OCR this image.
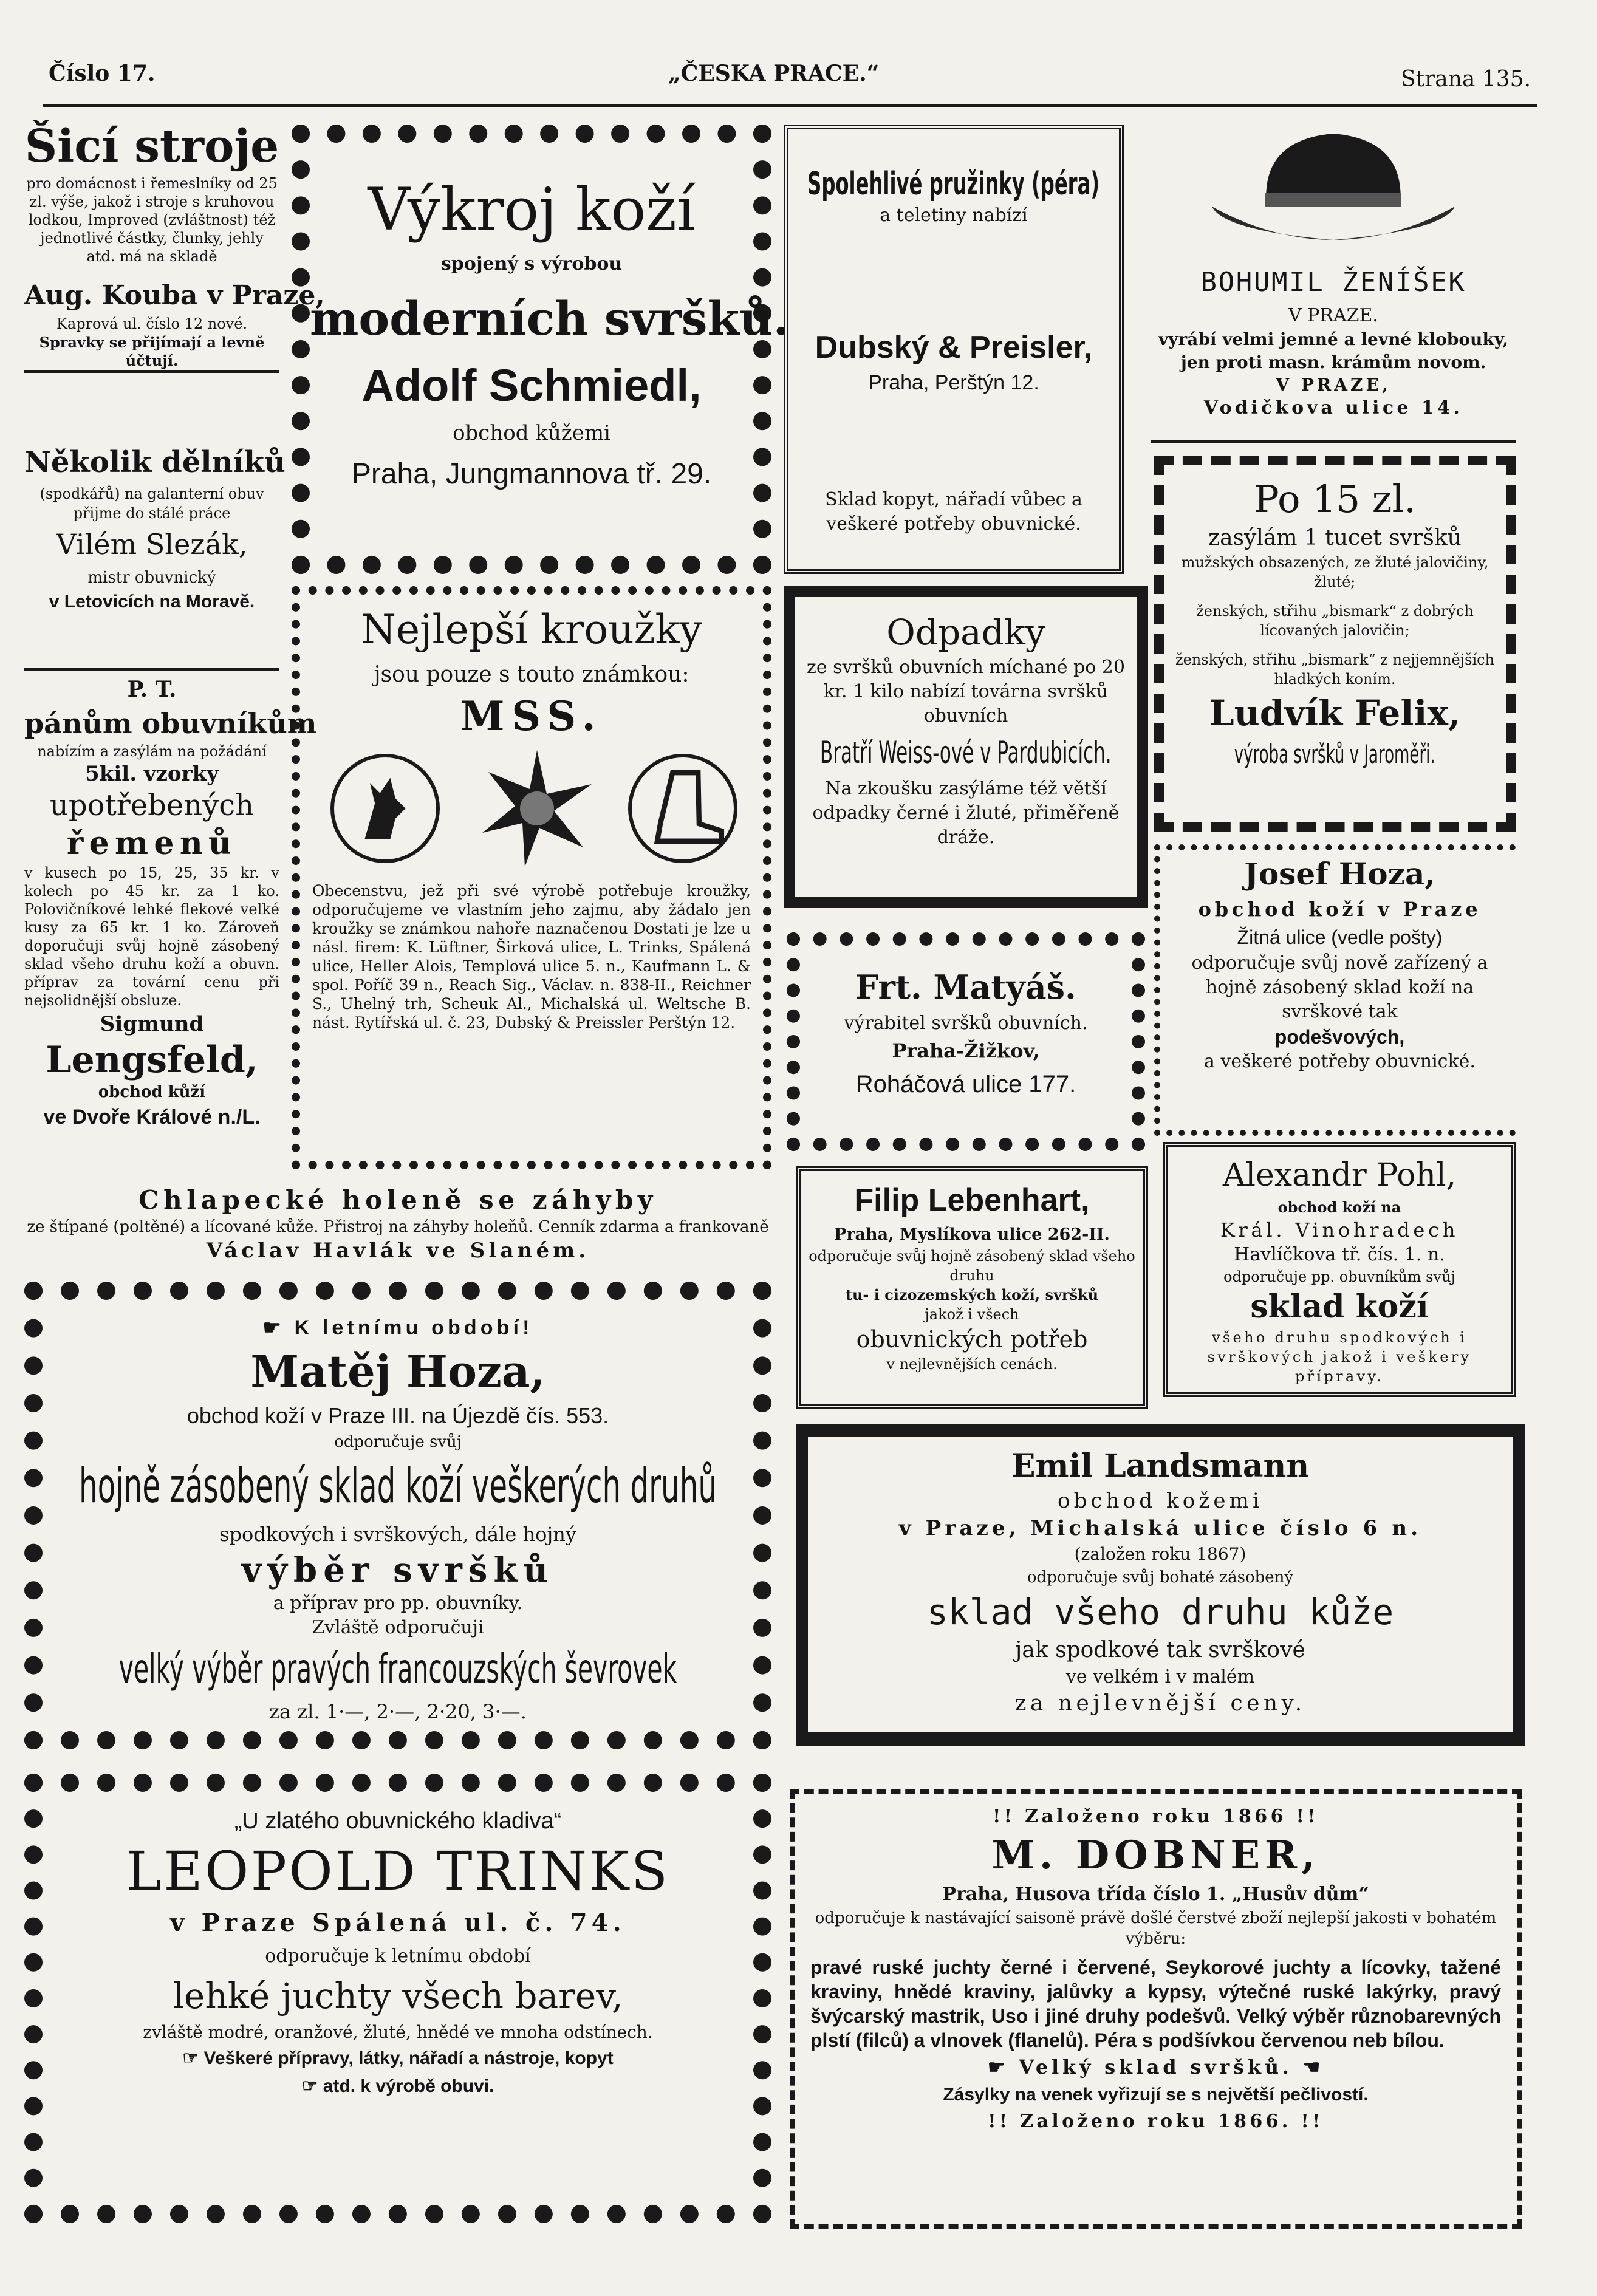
Číslo 17.	„ČESKA PRACE.“	Strana 135.
Šicí stroje
pro domácnost i řemeslníky od 25 zl. výše, jakož i stroje s kruhovou lodkou, Improved (zvláštnost) též jednotlivé částky, člunky, jehly atd. má na skladě
Aug. Kouba v Praze,
Kaprová ul. číslo 12 nové.
Spravky se přijímají a levně účtují.
Několik dělníků
(spodkářů) na galanterní obuv přijme do stálé práce
Vilém Slezák,
mistr obuvnický
v Letovicích na Moravě.
P. T.
pánům obuvníkům
nabízím a zasýlám na požádání
5kil. vzorky
upotřebených
řemenů
v kusech po 15, 25, 35 kr. v kolech po 45 kr. za 1 ko. Polovičníkové lehké flekové velké kusy za 65 kr. 1 ko. Zároveň doporučuji svůj hojně zásobený sklad všeho druhu koží a obuvn. příprav za tovární cenu při nejsolidnější obsluze.
Sigmund
Lengsfeld,
obchod kůží
ve Dvoře Králové n./L.
Výkroj koží
spojený s výrobou
moderních svršků.
Adolf Schmiedl,
obchod kůžemi
Praha, Jungmannova tř. 29.
Nejlepší kroužky
jsou pouze s touto známkou:
MSS.
Obecenstvu, jež při své výrobě potřebuje kroužky, odporučujeme ve vlastním jeho zajmu, aby žádalo jen kroužky se známkou nahoře naznačenou Dostati je lze u násl. firem: K. Lüftner, Širková ulice, L. Trinks, Spálená ulice, Heller Alois, Templová ulice 5. n., Kaufmann L. & spol. Poříč 39 n., Reach Sig., Václav. n. 838-II., Reichner S., Uhelný trh, Scheuk Al., Michalská ul. Weltsche B. nást. Rytířská ul. č. 23, Dubský & Preissler Perštýn 12.
Spolehlivé pružinky (péra)
a teletiny nabízí
Dubský & Preisler,
Praha, Perštýn 12.
Sklad kopyt, nářadí vůbec a veškeré potřeby obuvnické.
Odpadky
ze svršků obuvních míchané po 20 kr. 1 kilo nabízí továrna svršků obuvních
Bratří Weiss-ové v Pardubicích.
Na zkoušku zasýláme též větší odpadky černé i žluté, přiměřeně dráže.
Frt. Matyáš.
výrabitel svršků obuvních.
Praha-Žižkov,
Roháčová ulice 177.
BOHUMIL ŽENÍŠEK
V PRAZE.
vyrábí velmi jemné a levné klobouky, jen proti masn. krámům novom.
V PRAZE,
Vodičkova ulice 14.
Po 15 zl.
zasýlám 1 tucet svršků
mužských obsazených, ze žluté jalovičiny, žluté;
ženských, střihu „bismark“ z dobrých lícovaných jalovičin;
ženských, střihu „bismark“ z nejjemnějších hladkých koním.
Ludvík Felix,
výroba svršků v Jaroměři.
Josef Hoza,
obchod koží v Praze
Žitná ulice (vedle pošty)
odporučuje svůj nově zařízený a hojně zásobený sklad koží na svrškové tak
podešvových,
a veškeré potřeby obuvnické.
Chlapecké holeně se záhyby
ze štípané (poltěné) a lícované kůže. Přistroj na záhyby holeňů. Cenník zdarma a frankovaně
Václav Havlák ve Slaném.
☛ K letnímu období!
Matěj Hoza,
obchod koží v Praze III. na Újezdě čís. 553.
odporučuje svůj
hojně zásobený sklad koží veškerých druhů
spodkových i svrškových, dále hojný
výběr svršků
a příprav pro pp. obuvníky.
Zvláště odporučuji
velký výběr pravých francouzských ševrovek
za zl. 1·—, 2·—, 2·20, 3·—.
Filip Lebenhart,
Praha, Myslíkova ulice 262-II.
odporučuje svůj hojně zásobený sklad všeho druhu
tu- i cizozemských koží, svršků
jakož i všech
obuvnických potřeb
v nejlevnějších cenách.
Alexandr Pohl,
obchod koží na
Král. Vinohradech
Havlíčkova tř. čís. 1. n.
odporučuje pp. obuvníkům svůj
sklad koží
všeho druhu spodkových i svrškových jakož i veškery přípravy.
Emil Landsmann
obchod kožemi
v Praze, Michalská ulice číslo 6 n.
(založen roku 1867)
odporučuje svůj bohaté zásobený
sklad všeho druhu kůže
jak spodkové tak svrškové
ve velkém i v malém
za nejlevnější ceny.
„U zlatého obuvnického kladiva“
LEOPOLD TRINKS
v Praze Spálená ul. č. 74.
odporučuje k letnímu období
lehké juchty všech barev,
zvláště modré, oranžové, žluté, hnědé ve mnoha odstínech.
☞ Veškeré přípravy, látky, nářadí a nástroje, kopyt
☞ atd. k výrobě obuvi.
!! Založeno roku 1866 !!
M. DOBNER,
Praha, Husova třída číslo 1. „Husův dům“
odporučuje k nastávající saisoně právě došlé čerstvé zboží nejlepší jakosti v bohatém výběru:
pravé ruské juchty černé i červené, Seykorové juchty a lícovky, tažené kraviny, hnědé kraviny, jalůvky a kypsy, výtečné ruské lakýrky, pravý švýcarský mastrik, Uso i jiné druhy podešvů. Velký výběr různobarevných plstí (filců) a vlnovek (flanelů). Péra s podšívkou červenou neb bílou.
☛ Velký sklad svršků. ☚
Zásylky na venek vyřizují se s největší pečlivostí.
!! Založeno roku 1866. !!
